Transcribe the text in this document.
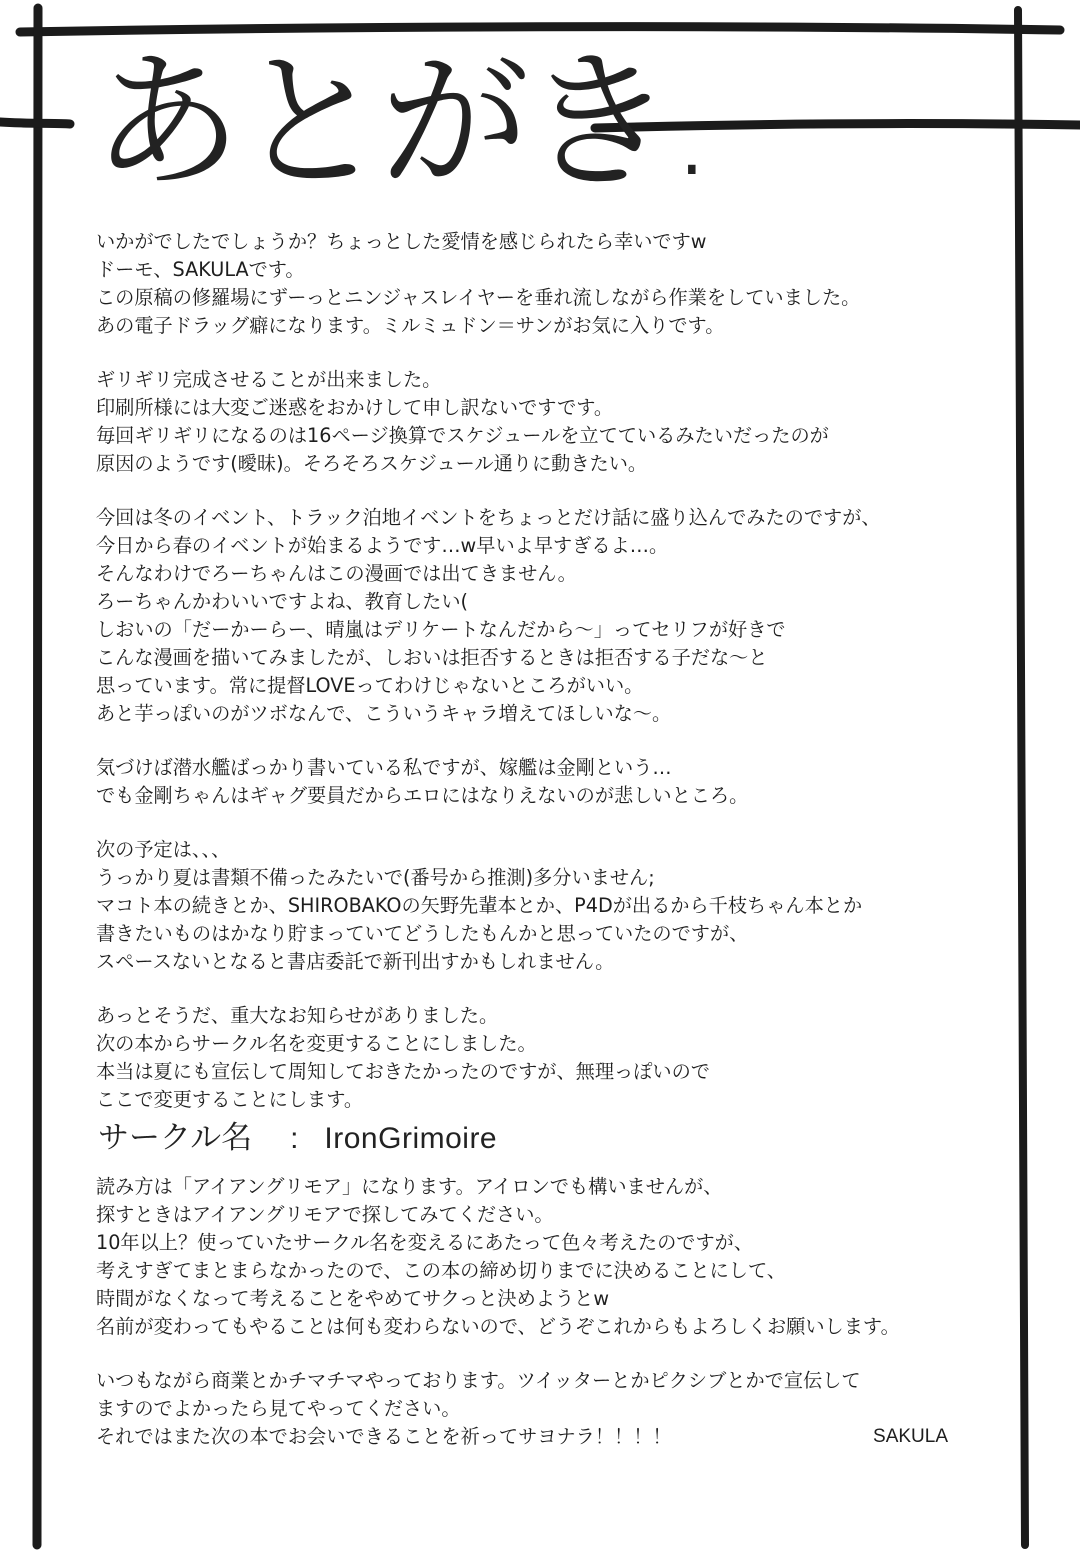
あとがき.
いかがでしたでしょうか？ちょっとした愛情を感じられたら幸いですw
ドーモ、SAKULAです。
この原稿の修羅場にずーっとニンジャスレイヤーを垂れ流しながら作業をしていました。
あの電子ドラッグ癖になります。ミルミュドン＝サンがお気に入りです。
ギリギリ完成させることが出来ました。
印刷所様には大変ご迷惑をおかけして申し訳ないですです。
毎回ギリギリになるのは16ページ換算でスケジュールを立てているみたいだったのが
原因のようです(曖昧)。そろそろスケジュール通りに動きたい。
今回は冬のイベント、トラック泊地イベントをちょっとだけ話に盛り込んでみたのですが、
今日から春のイベントが始まるようです…w早いよ早すぎるよ…。
そんなわけでろーちゃんはこの漫画では出てきません。
ろーちゃんかわいいですよね、教育したい(
しおいの「だーかーらー、晴嵐はデリケートなんだから～」ってセリフが好きで
こんな漫画を描いてみましたが、しおいは拒否するときは拒否する子だな～と
思っています。常に提督LOVEってわけじゃないところがいい。
あと芋っぽいのがツボなんで、こういうキャラ増えてほしいな～。
気づけば潜水艦ばっかり書いている私ですが、嫁艦は金剛という…
でも金剛ちゃんはギャグ要員だからエロにはなりえないのが悲しいところ。
次の予定は、、、
うっかり夏は書類不備ったみたいで(番号から推測)多分いません;
マコト本の続きとか、SHIROBAKOの矢野先輩本とか、P4Dが出るから千枝ちゃん本とか
書きたいものはかなり貯まっていてどうしたもんかと思っていたのですが、
スペースないとなると書店委託で新刊出すかもしれません。
あっとそうだ、重大なお知らせがありました。
次の本からサークル名を変更することにしました。
本当は夏にも宣伝して周知しておきたかったのですが、無理っぽいので
ここで変更することにします。
サークル名 : IronGrimoire
読み方は「アイアングリモア」になります。アイロンでも構いませんが、
探すときはアイアングリモアで探してみてください。
10年以上？使っていたサークル名を変えるにあたって色々考えたのですが、
考えすぎてまとまらなかったので、この本の締め切りまでに決めることにして、
時間がなくなって考えることをやめてサクっと決めようとw
名前が変わってもやることは何も変わらないので、どうぞこれからもよろしくお願いします。
いつもながら商業とかチマチマやっております。ツイッターとかピクシブとかで宣伝して
ますのでよかったら見てやってください。
それではまた次の本でお会いできることを祈ってサヨナラ！！！！	SAKULA
